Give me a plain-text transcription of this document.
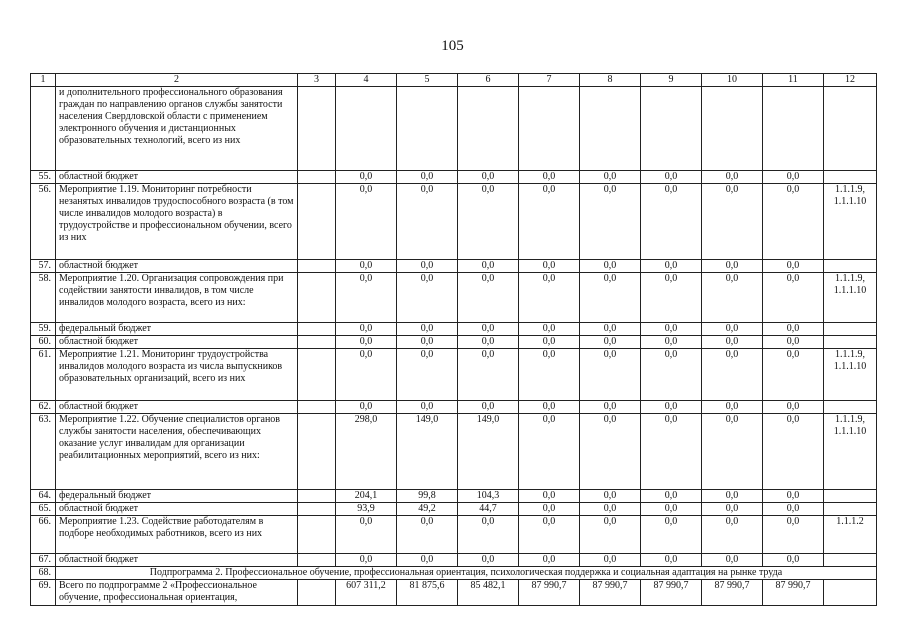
105
1	2	3	4	5	6	7	8	9	10	11	12
	и дополнительного профессионального образования граждан по направлению органов службы занятости населения Свердловской области с применением электронного обучения и дистанционных образовательных технологий, всего из них										
55.	областной бюджет		0,0	0,0	0,0	0,0	0,0	0,0	0,0	0,0	
56.	Мероприятие 1.19. Мониторинг потребности незанятых инвалидов трудоспособного возраста (в том числе инвалидов молодого возраста) в трудоустройстве и профессиональном обучении, всего из них		0,0	0,0	0,0	0,0	0,0	0,0	0,0	0,0	1.1.1.9, 1.1.1.10
57.	областной бюджет		0,0	0,0	0,0	0,0	0,0	0,0	0,0	0,0	
58.	Мероприятие 1.20. Организация сопровождения при содействии занятости инвалидов, в том числе инвалидов молодого возраста, всего из них:		0,0	0,0	0,0	0,0	0,0	0,0	0,0	0,0	1.1.1.9, 1.1.1.10
59.	федеральный бюджет		0,0	0,0	0,0	0,0	0,0	0,0	0,0	0,0	
60.	областной бюджет		0,0	0,0	0,0	0,0	0,0	0,0	0,0	0,0	
61.	Мероприятие 1.21. Мониторинг трудоустройства инвалидов молодого возраста из числа выпускников образовательных организаций, всего из них		0,0	0,0	0,0	0,0	0,0	0,0	0,0	0,0	1.1.1.9, 1.1.1.10
62.	областной бюджет		0,0	0,0	0,0	0,0	0,0	0,0	0,0	0,0	
63.	Мероприятие 1.22. Обучение специалистов органов службы занятости населения, обеспечивающих оказание услуг инвалидам для организации реабилитационных мероприятий, всего из них:		298,0	149,0	149,0	0,0	0,0	0,0	0,0	0,0	1.1.1.9, 1.1.1.10
64.	федеральный бюджет		204,1	99,8	104,3	0,0	0,0	0,0	0,0	0,0	
65.	областной бюджет		93,9	49,2	44,7	0,0	0,0	0,0	0,0	0,0	
66.	Мероприятие 1.23. Содействие работодателям в подборе необходимых работников, всего из них		0,0	0,0	0,0	0,0	0,0	0,0	0,0	0,0	1.1.1.2
67.	областной бюджет		0,0	0,0	0,0	0,0	0,0	0,0	0,0	0,0	
68.	Подпрограмма 2. Профессиональное обучение, профессиональная ориентация, психологическая поддержка и социальная адаптация на рынке труда										
69.	Всего по подпрограмме 2 «Профессиональное обучение, профессиональная ориентация,		607 311,2	81 875,6	85 482,1	87 990,7	87 990,7	87 990,7	87 990,7	87 990,7	
